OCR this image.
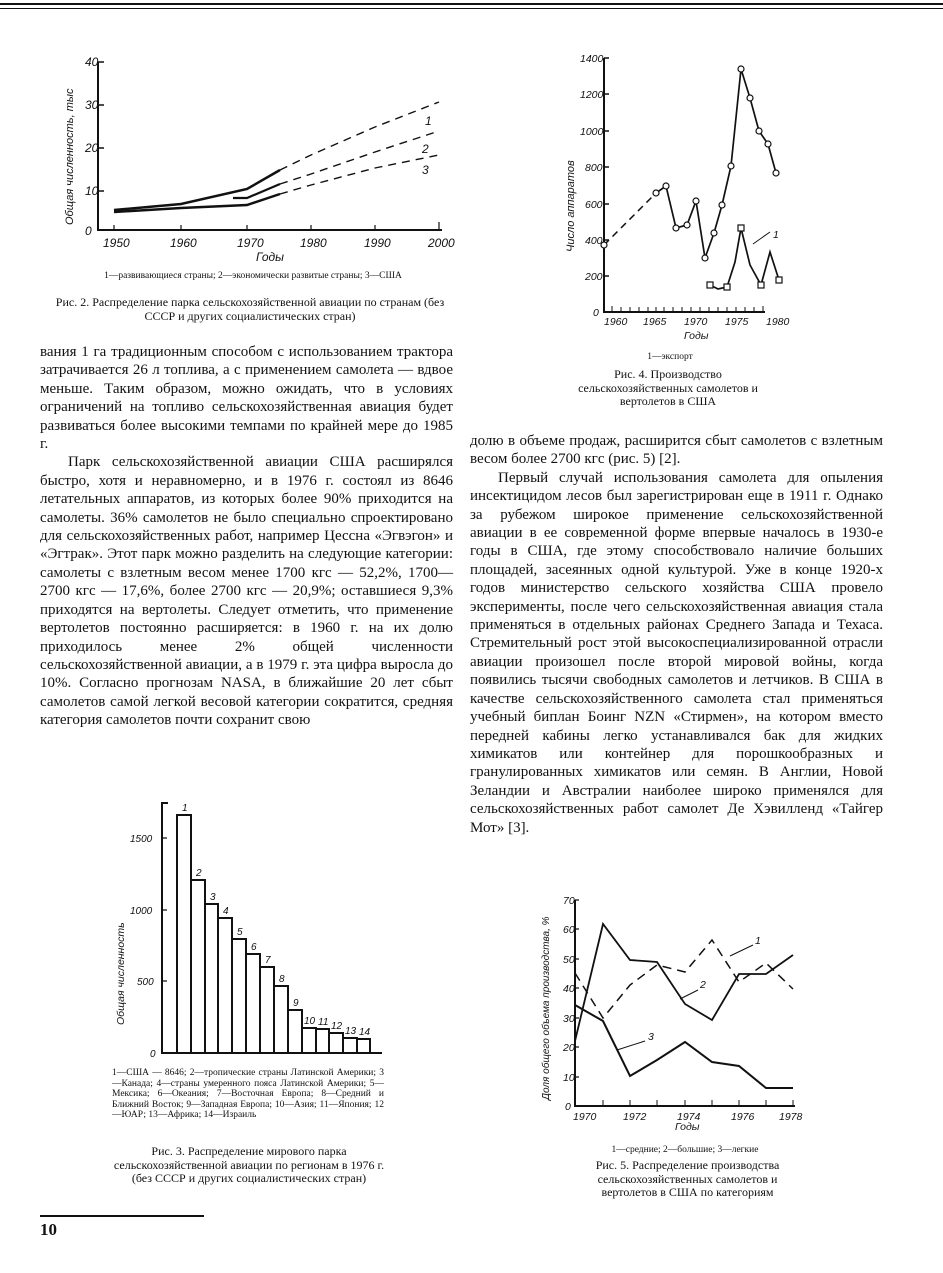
40
30
20
10
0
1950	1960	1970	1980	1990	2000
Годы
1
2
3
Общая численность, тыс
1—развивающиеся страны; 2—экономически развитые страны; 3—США
Рис. 2. Распределение парка сельскохозяйственной авиации по странам (без СССР и других социалистических стран)
1400
1200
1000
800
600
400
200
0
1960 1965 1970 1975 1980
Годы
1
Число аппаратов
1—экспорт
Рис. 4. Производство сельскохозяйственных самолетов и вертолетов в США

вания 1 га традиционным способом с использованием трактора затрачивается 26 л топлива, а с применением самолета — вдвое меньше. Таким образом, можно ожидать, что в условиях ограничений на топливо сельскохозяйственная авиация будет развиваться более высокими темпами по крайней мере до 1985 г.

Парк сельскохозяйственной авиации США расширялся быстро, хотя и неравномерно, и в 1976 г. состоял из 8646 летательных аппаратов, из которых более 90% приходится на самолеты. 36% самолетов не было специально спроектировано для сельскохозяйственных работ, например Цессна «Эгвэгон» и «Эгтрак». Этот парк можно разделить на следующие категории: самолеты с взлетным весом менее 1700 кгс — 52,2%, 1700—2700 кгс — 17,6%, более 2700 кгс — 20,9%; оставшиеся 9,3% приходятся на вертолеты. Следует отметить, что применение вертолетов постоянно расширяется: в 1960 г. на их долю приходилось менее 2% общей численности сельскохозяйственной авиации, а в 1979 г. эта цифра выросла до 10%. Согласно прогнозам NASA, в ближайшие 20 лет сбыт самолетов самой легкой весовой категории сократится, средняя категория самолетов почти сохранит свою

долю в объеме продаж, расширится сбыт самолетов с взлетным весом более 2700 кгс (рис. 5) [2].

Первый случай использования самолета для опыления инсектицидом лесов был зарегистрирован еще в 1911 г. Однако за рубежом широкое применение сельскохозяйственной авиации в ее современной форме впервые началось в 1930-е годы в США, где этому способствовало наличие больших площадей, засеянных одной культурой. Уже в конце 1920-х годов министерство сельского хозяйства США провело эксперименты, после чего сельскохозяйственная авиация стала применяться в отдельных районах Среднего Запада и Техаса. Стремительный рост этой высокоспециализированной отрасли авиации произошел после второй мировой войны, когда появились тысячи свободных самолетов и летчиков. В США в качестве сельскохозяйственного самолета стал применяться учебный биплан Боинг NZN «Стирмен», на котором вместо передней кабины легко устанавливался бак для жидких химикатов или контейнер для порошкообразных и гранулированных химикатов или семян. В Англии, Новой Зеландии и Австралии наиболее широко применялся для сельскохозяйственных работ самолет Де Хэвилленд «Тайгер Мот» [3].

1500
1000
500
0
1
2
3
4
5
6
7
8
9
10 11 12 13 14
Общая численность
1—США — 8646; 2—тропические страны Латинской Америки; 3—Канада; 4—страны умеренного пояса Латинской Америки; 5—Мексика; 6—Океания; 7—Восточная Европа; 8—Средний и Ближний Восток; 9—Западная Европа; 10—Азия; 11—Япония; 12—ЮАР; 13—Африка; 14—Израиль
Рис. 3. Распределение мирового парка сельскохозяйственной авиации по регионам в 1976 г. (без СССР и других социалистических стран)
70
60
50
40
30
20
10
0
1970	1972	1974	1976 1978
Годы
1
2
3
Доля общего объема производства, %
1—средние; 2—большие; 3—легкие
Рис. 5. Распределение производства сельскохозяйственных самолетов и вертолетов в США по категориям
10
